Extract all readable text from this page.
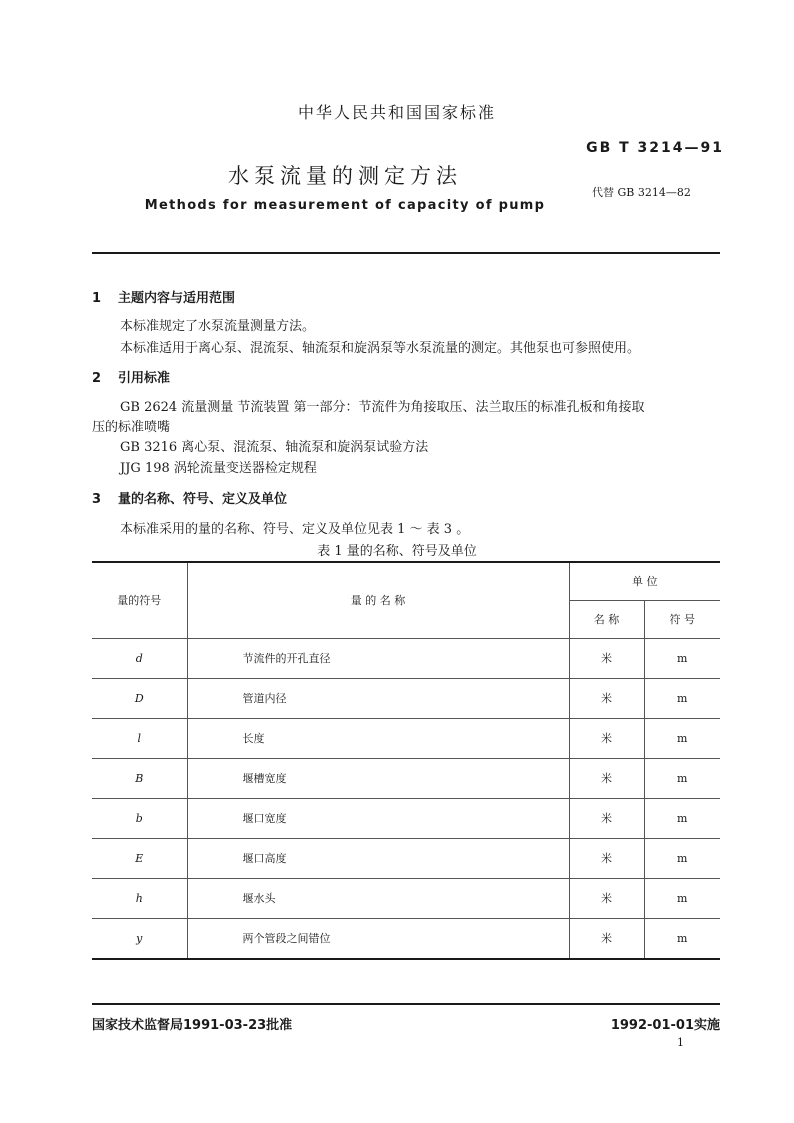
中华人民共和国国家标准
GB T 3214—91
水泵流量的测定方法
代替 GB 3214—82
Methods for measurement of capacity of pump
1 主题内容与适用范围
本标准规定了水泵流量测量方法。
本标准适用于离心泵、混流泵、轴流泵和旋涡泵等水泵流量的测定。其他泵也可参照使用。
2 引用标准
GB 2624 流量测量 节流装置 第一部分：节流件为角接取压、法兰取压的标准孔板和角接取
压的标准喷嘴
GB 3216 离心泵、混流泵、轴流泵和旋涡泵试验方法
JJG 198 涡轮流量变送器检定规程
3 量的名称、符号、定义及单位
本标准采用的量的名称、符号、定义及单位见表 1 ～ 表 3 。
表 1 量的名称、符号及单位
量的符号	量 的 名 称	单 位	
		名 称	符 号
d	节流件的开孔直径	米	m
D	管道内径	米	m
l	长度	米	m
B	堰槽宽度	米	m
b	堰口宽度	米	m
E	堰口高度	米	m
h	堰水头	米	m
y	两个管段之间错位	米	m
国家技术监督局1991-03-23批准	1992-01-01实施
1
